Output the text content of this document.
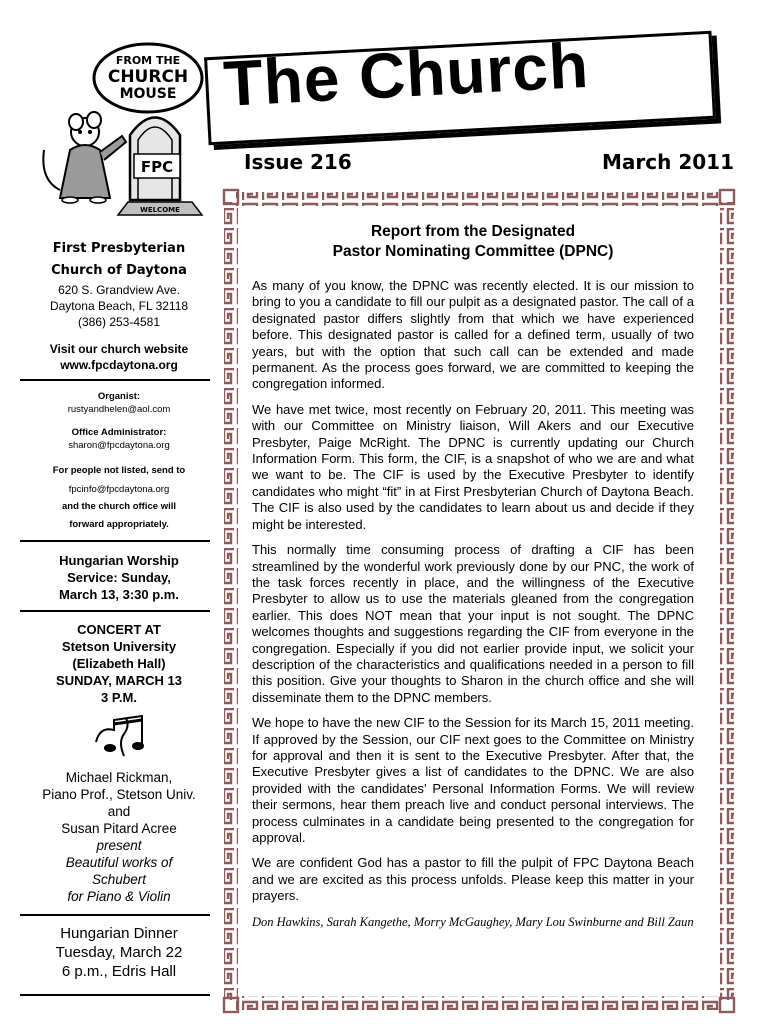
FROM THE
CHURCH
MOUSE
FPC
WELCOME
The Church
Issue 216	March 2011
First Presbyterian
Church of Daytona
620 S. Grandview Ave.
Daytona Beach, FL 32118
(386) 253-4581
Visit our church website
www.fpcdaytona.org
Organist:
rustyandhelen@aol.com
Office Administrator:
sharon@fpcdaytona.org
For people not listed, send to
fpcinfo@fpcdaytona.org
and the church office will
forward appropriately.
Hungarian Worship
Service: Sunday,
March 13, 3:30 p.m.
CONCERT AT
Stetson University
(Elizabeth Hall)
SUNDAY, MARCH 13
3 P.M.
Michael Rickman,
Piano Prof., Stetson Univ.
and
Susan Pitard Acree
present
Beautiful works of
Schubert
for Piano & Violin
Hungarian Dinner
Tuesday, March 22
6 p.m., Edris Hall
Report from the Designated
Pastor Nominating Committee (DPNC)

As many of you know, the DPNC was recently elected. It is our mission to bring to you a candidate to fill our pulpit as a designated pastor. The call of a designated pastor differs slightly from that which we have experienced before. This designated pastor is called for a defined term, usually of two years, but with the option that such call can be extended and made permanent. As the process goes forward, we are committed to keeping the congregation informed.

We have met twice, most recently on February 20, 2011. This meeting was with our Committee on Ministry liaison, Will Akers and our Executive Presbyter, Paige McRight. The DPNC is currently updating our Church Information Form. This form, the CIF, is a snapshot of who we are and what we want to be. The CIF is used by the Executive Presbyter to identify candidates who might “fit” in at First Presbyterian Church of Daytona Beach. The CIF is also used by the candidates to learn about us and decide if they might be interested.

This normally time consuming process of drafting a CIF has been streamlined by the wonderful work previously done by our PNC, the work of the task forces recently in place, and the willingness of the Executive Presbyter to allow us to use the materials gleaned from the congregation earlier. This does NOT mean that your input is not sought. The DPNC welcomes thoughts and suggestions regarding the CIF from everyone in the congregation. Especially if you did not earlier provide input, we solicit your description of the characteristics and qualifications needed in a person to fill this position. Give your thoughts to Sharon in the church office and she will disseminate them to the DPNC members.

We hope to have the new CIF to the Session for its March 15, 2011 meeting. If approved by the Session, our CIF next goes to the Committee on Ministry for approval and then it is sent to the Executive Presbyter. After that, the Executive Presbyter gives a list of candidates to the DPNC. We are also provided with the candidates’ Personal Information Forms. We will review their sermons, hear them preach live and conduct personal interviews. The process culminates in a candidate being presented to the congregation for approval.

We are confident God has a pastor to fill the pulpit of FPC Daytona Beach and we are excited as this process unfolds. Please keep this matter in your prayers.

Don Hawkins, Sarah Kangethe, Morry McGaughey, Mary Lou Swinburne and Bill Zaun
